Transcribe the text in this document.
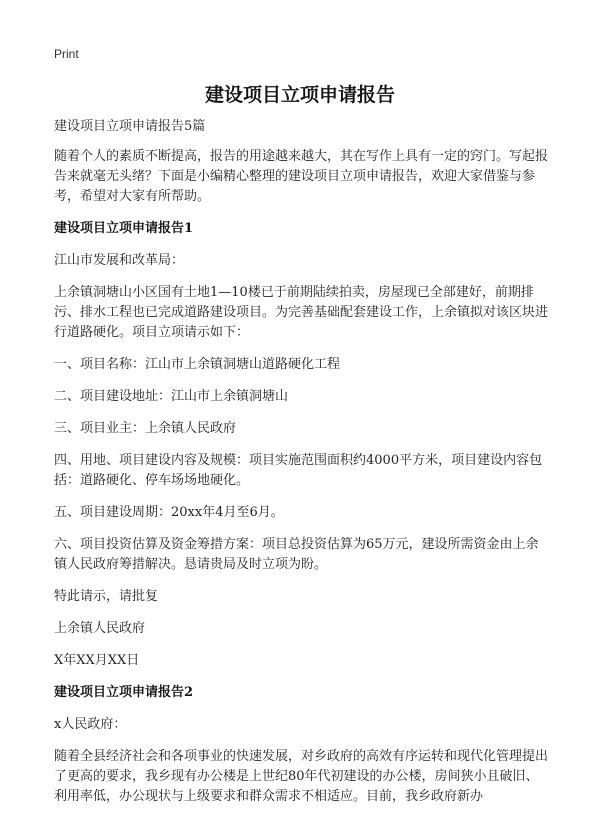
Print
建设项目立项申请报告

建设项目立项申请报告5篇

随着个人的素质不断提高，报告的用途越来越大，其在写作上具有一定的窍门。写起报告来就毫无头绪？下面是小编精心整理的建设项目立项申请报告，欢迎大家借鉴与参考，希望对大家有所帮助。

建设项目立项申请报告1

江山市发展和改革局：

上余镇洞塘山小区国有土地1—10楼已于前期陆续拍卖，房屋现已全部建好，前期排污、排水工程也已完成道路建设项目。为完善基础配套建设工作，上余镇拟对该区块进行道路硬化。项目立项请示如下：

一、项目名称：江山市上余镇洞塘山道路硬化工程

二、项目建设地址：江山市上余镇洞塘山

三、项目业主：上余镇人民政府

四、用地、项目建设内容及规模：项目实施范围面积约4000平方米，项目建设内容包括：道路硬化、停车场场地硬化。

五、项目建设周期：20xx年4月至6月。

六、项目投资估算及资金筹措方案：项目总投资估算为65万元，建设所需资金由上余镇人民政府筹措解决。恳请贵局及时立项为盼。

特此请示，请批复

上余镇人民政府

X年XX月XX日

建设项目立项申请报告2

x人民政府：

随着全县经济社会和各项事业的快速发展，对乡政府的高效有序运转和现代化管理提出了更高的要求，我乡现有办公楼是上世纪80年代初建设的办公楼，房间狭小且破旧、利用率低，办公现状与上级要求和群众需求不相适应。目前，我乡政府新办
